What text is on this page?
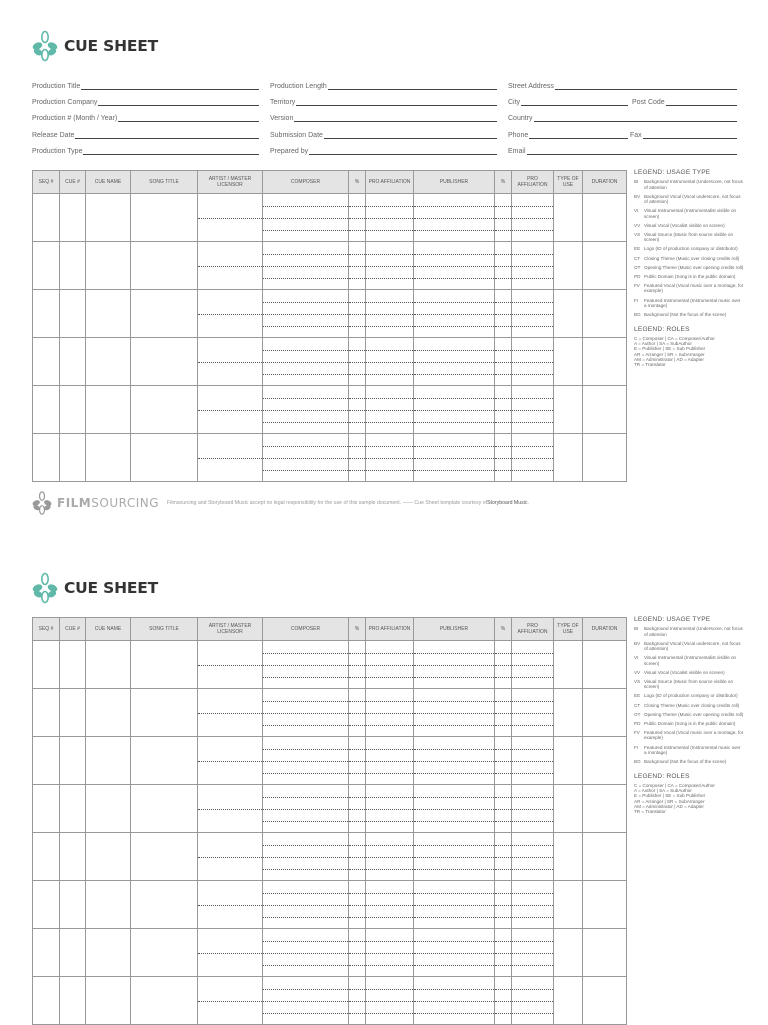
CUE SHEET
Production Title	Production Length	Street Address
Production Company	Territory	City	Post Code
Production # (Month / Year)	Version	Country
Release Date	Submission Date	Phone	Fax
Production Type	Prepared by	Email
SEQ #	CUE #	CUE NAME	SONG TITLE	ARTIST / MASTER LICENSOR	COMPOSER	%	PRO AFFILIATION	PUBLISHER	%	PRO AFFILIATION	TYPE OF USE	DURATION

LEGEND: USAGE TYPE
BI	Background Instrumental (Underscore, not focus of attention
BV Background Vocal (Vocal underscore, not focus of attention)
VI	Visual Instrumental (Instrumentalist visible on screen)
VV Visual Vocal (Vocalist visible on screen)
VS Visual Source (Music from source visible on screen)
EE Logo (ID of production company or distributor)
CT Closing Theme (Music over closing credits roll)
OT Opening Theme (Music over opening credits roll)
PD Public Domain (Song is in the public domain)
FV Featured Vocal (Vocal music over a montage, for example)
FI	Featured Instrumental (Instrumental music over a montage)
BG Background (Not the focus of the scene)
LEGEND: ROLES
C = Composer | CA = Composer/Author
A = Author | SA = SubAuthor
E = Publisher | SE = Sub Publisher
AR = Arranger | SR = SubArranger
AM = Administrator | AD = Adapter
TR = Translator
FILMSOURCING Filmsourcing and Storyboard Music accept no legal responsibility for the use of this sample document. —— Cue Sheet template courtesy of Storyboard Music .
CUE SHEET
SEQ #	CUE #	CUE NAME	SONG TITLE	ARTIST / MASTER LICENSOR	COMPOSER	%	PRO AFFILIATION	PUBLISHER	%	PRO AFFILIATION	TYPE OF USE	DURATION

LEGEND: USAGE TYPE
BI	Background Instrumental (Underscore, not focus of attention
BV Background Vocal (Vocal underscore, not focus of attention)
VI	Visual Instrumental (Instrumentalist visible on screen)
VV Visual Vocal (Vocalist visible on screen)
VS Visual Source (Music from source visible on screen)
EE Logo (ID of production company or distributor)
CT Closing Theme (Music over closing credits roll)
OT Opening Theme (Music over opening credits roll)
PD Public Domain (Song is in the public domain)
FV Featured Vocal (Vocal music over a montage, for example)
FI	Featured Instrumental (Instrumental music over a montage)
BG Background (Not the focus of the scene)
LEGEND: ROLES
C = Composer | CA = Composer/Author
A = Author | SA = SubAuthor
E = Publisher | SE = Sub Publisher
AR = Arranger | SR = SubArranger
AM = Administrator | AD = Adapter
TR = Translator
